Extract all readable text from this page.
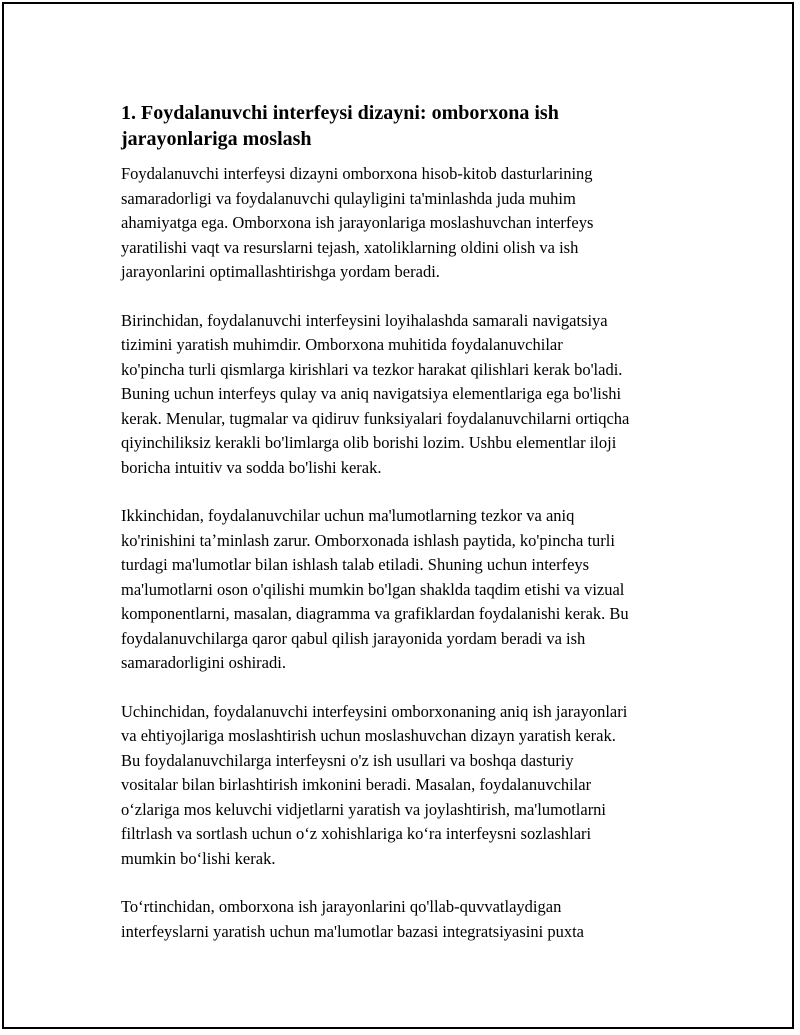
1. Foydalanuvchi interfeysi dizayni: omborxona ish
jarayonlariga moslash

Foydalanuvchi interfeysi dizayni omborxona hisob-kitob dasturlarining
samaradorligi va foydalanuvchi qulayligini ta'minlashda juda muhim
ahamiyatga ega. Omborxona ish jarayonlariga moslashuvchan interfeys
yaratilishi vaqt va resurslarni tejash, xatoliklarning oldini olish va ish
jarayonlarini optimallashtirishga yordam beradi.

Birinchidan, foydalanuvchi interfeysini loyihalashda samarali navigatsiya
tizimini yaratish muhimdir. Omborxona muhitida foydalanuvchilar
ko'pincha turli qismlarga kirishlari va tezkor harakat qilishlari kerak bo'ladi.
Buning uchun interfeys qulay va aniq navigatsiya elementlariga ega bo'lishi
kerak. Menular, tugmalar va qidiruv funksiyalari foydalanuvchilarni ortiqcha
qiyinchiliksiz kerakli bo'limlarga olib borishi lozim. Ushbu elementlar iloji
boricha intuitiv va sodda bo'lishi kerak.

Ikkinchidan, foydalanuvchilar uchun ma'lumotlarning tezkor va aniq
ko'rinishini taʼminlash zarur. Omborxonada ishlash paytida, ko'pincha turli
turdagi ma'lumotlar bilan ishlash talab etiladi. Shuning uchun interfeys
ma'lumotlarni oson o'qilishi mumkin bo'lgan shaklda taqdim etishi va vizual
komponentlarni, masalan, diagramma va grafiklardan foydalanishi kerak. Bu
foydalanuvchilarga qaror qabul qilish jarayonida yordam beradi va ish
samaradorligini oshiradi.

Uchinchidan, foydalanuvchi interfeysini omborxonaning aniq ish jarayonlari
va ehtiyojlariga moslashtirish uchun moslashuvchan dizayn yaratish kerak.
Bu foydalanuvchilarga interfeysni o'z ish usullari va boshqa dasturiy
vositalar bilan birlashtirish imkonini beradi. Masalan, foydalanuvchilar
oʻzlariga mos keluvchi vidjetlarni yaratish va joylashtirish, ma'lumotlarni
filtrlash va sortlash uchun oʻz xohishlariga koʻra interfeysni sozlashlari
mumkin boʻlishi kerak.

Toʻrtinchidan, omborxona ish jarayonlarini qo'llab-quvvatlaydigan
interfeyslarni yaratish uchun ma'lumotlar bazasi integratsiyasini puxta
